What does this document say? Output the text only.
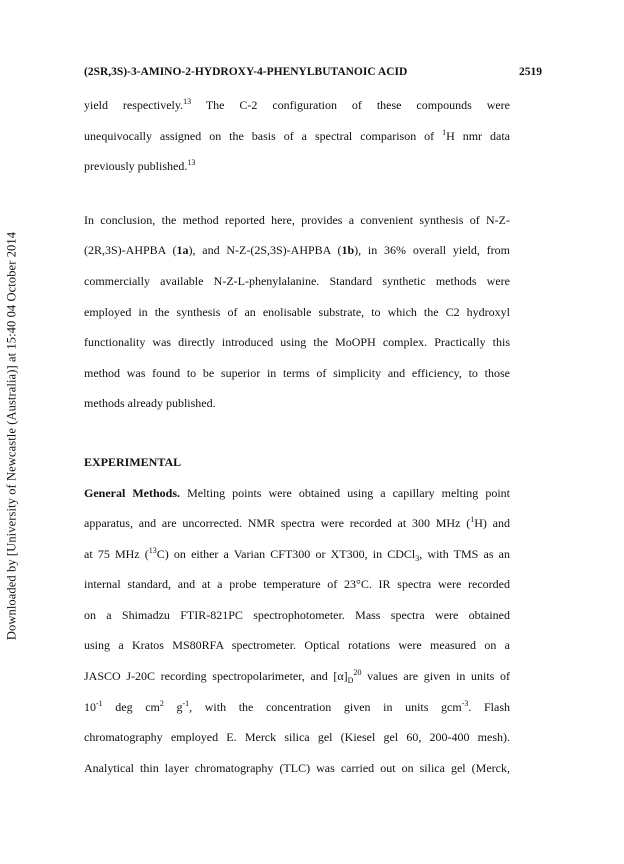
Downloaded by [University of Newcastle (Australia)] at 15:40 04 October 2014
(2SR,3S)-3-AMINO-2-HYDROXY-4-PHENYLBUTANOIC ACID	2519
yield respectively.$^{13}$ The C-2 configuration of these compounds were
unequivocally assigned on the basis of a spectral comparison of $^1$H nmr data
previously published.$^{13}$
In conclusion, the method reported here, provides a convenient synthesis of N-Z-
(2R,3S)-AHPBA (1a), and N-Z-(2S,3S)-AHPBA (1b), in 36% overall yield, from
commercially available N-Z-L-phenylalanine. Standard synthetic methods were
employed in the synthesis of an enolisable substrate, to which the C2 hydroxyl
functionality was directly introduced using the MoOPH complex. Practically this
method was found to be superior in terms of simplicity and efficiency, to those
methods already published.
EXPERIMENTAL
General Methods. Melting points were obtained using a capillary melting point
apparatus, and are uncorrected. NMR spectra were recorded at 300 MHz ($^1$H) and
at 75 MHz ($^{13}$C) on either a Varian CFT300 or XT300, in CDCl$_3$, with TMS as an
internal standard, and at a probe temperature of 23°C. IR spectra were recorded
on a Shimadzu FTIR-821PC spectrophotometer. Mass spectra were obtained
using a Kratos MS80RFA spectrometer. Optical rotations were measured on a
JASCO J-20C recording spectropolarimeter, and $[\alpha]_D^{20}$ values are given in units of
$10^{-1}$ deg $cm^2$ $g^{-1}$, with the concentration given in units gcm$^{-3}$. Flash
chromatography employed E. Merck silica gel (Kiesel gel 60, 200-400 mesh).
Analytical thin layer chromatography (TLC) was carried out on silica gel (Merck,
